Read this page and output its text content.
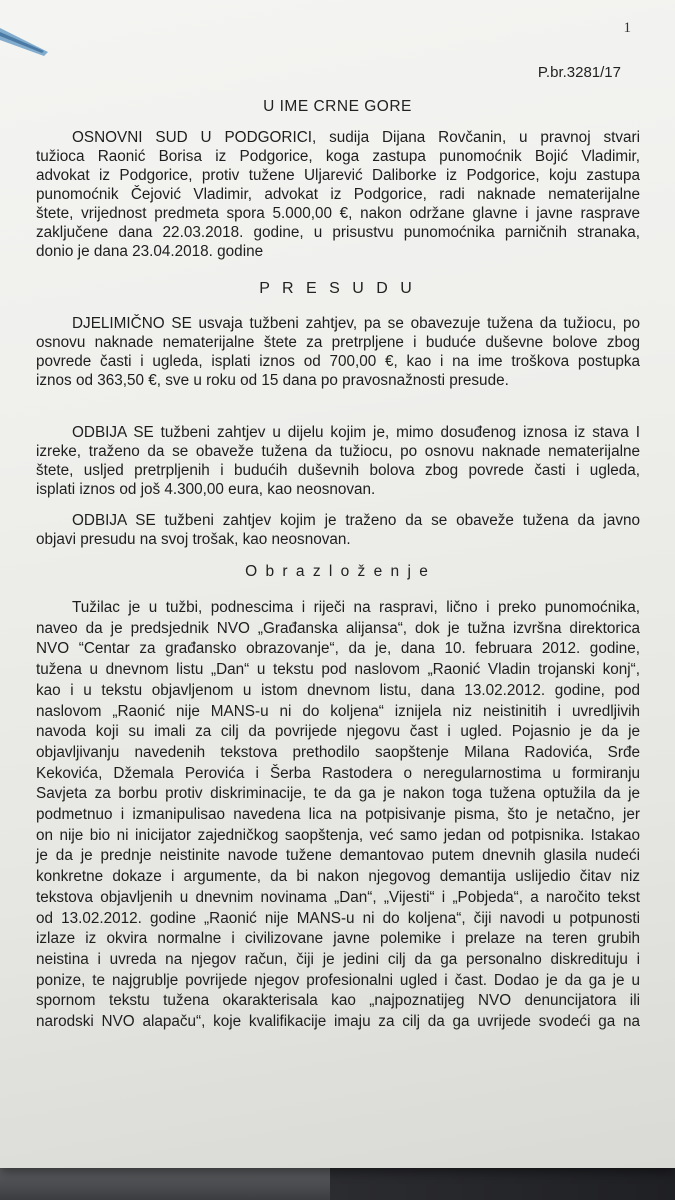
1
P.br.3281/17
U IME CRNE GORE
OSNOVNI SUD U PODGORICI, sudija Dijana Rovčanin, u pravnoj stvari
tužioca Raonić Borisa iz Podgorice, koga zastupa punomoćnik Bojić Vladimir,
advokat iz Podgorice, protiv tužene Uljarević Daliborke iz Podgorice, koju zastupa
punomoćnik Čejović Vladimir, advokat iz Podgorice, radi naknade nematerijalne
štete, vrijednost predmeta spora 5.000,00 €, nakon održane glavne i javne rasprave
zaključene dana 22.03.2018. godine, u prisustvu punomoćnika parničnih stranaka,
donio je dana 23.04.2018. godine
P R E S U D U
DJELIMIČNO SE usvaja tužbeni zahtjev, pa se obavezuje tužena da tužiocu, po
osnovu naknade nematerijalne štete za pretrpljene i buduće duševne bolove zbog
povrede časti i ugleda, isplati iznos od 700,00 €, kao i na ime troškova postupka
iznos od 363,50 €, sve u roku od 15 dana po pravosnažnosti presude.
ODBIJA SE tužbeni zahtjev u dijelu kojim je, mimo dosuđenog iznosa iz stava I
izreke, traženo da se obaveže tužena da tužiocu, po osnovu naknade nematerijalne
štete, usljed pretrpljenih i budućih duševnih bolova zbog povrede časti i ugleda,
isplati iznos od još 4.300,00 eura, kao neosnovan.
ODBIJA SE tužbeni zahtjev kojim je traženo da se obaveže tužena da javno
objavi presudu na svoj trošak, kao neosnovan.
O b r a z l o ž e n j e
Tužilac je u tužbi, podnescima i riječi na raspravi, lično i preko punomoćnika,
naveo da je predsjednik NVO „Građanska alijansa“, dok je tužna izvršna direktorica
NVO “Centar za građansko obrazovanje“, da je, dana 10. februara 2012. godine,
tužena u dnevnom listu „Dan“ u tekstu pod naslovom „Raonić Vladin trojanski konj“,
kao i u tekstu objavljenom u istom dnevnom listu, dana 13.02.2012. godine, pod
naslovom „Raonić nije MANS-u ni do koljena“ iznijela niz neistinitih i uvredljivih
navoda koji su imali za cilj da povrijede njegovu čast i ugled. Pojasnio je da je
objavljivanju navedenih tekstova prethodilo saopštenje Milana Radovića, Srđe
Kekovića, Džemala Perovića i Šerba Rastodera o neregularnostima u formiranju
Savjeta za borbu protiv diskriminacije, te da ga je nakon toga tužena optužila da je
podmetnuo i izmanipulisao navedena lica na potpisivanje pisma, što je netačno, jer
on nije bio ni inicijator zajedničkog saopštenja, već samo jedan od potpisnika. Istakao
je da je prednje neistinite navode tužene demantovao putem dnevnih glasila nudeći
konkretne dokaze i argumente, da bi nakon njegovog demantija uslijedio čitav niz
tekstova objavljenih u dnevnim novinama „Dan“, „Vijesti“ i „Pobjeda“, a naročito tekst
od 13.02.2012. godine „Raonić nije MANS-u ni do koljena“, čiji navodi u potpunosti
izlaze iz okvira normalne i civilizovane javne polemike i prelaze na teren grubih
neistina i uvreda na njegov račun, čiji je jedini cilj da ga personalno diskredituju i
ponize, te najgrublje povrijede njegov profesionalni ugled i čast. Dodao je da ga je u
spornom tekstu tužena okarakterisala kao „najpoznatijeg NVO denuncijatora ili
narodski NVO alapaču“, koje kvalifikacije imaju za cilj da ga uvrijede svodeći ga na
